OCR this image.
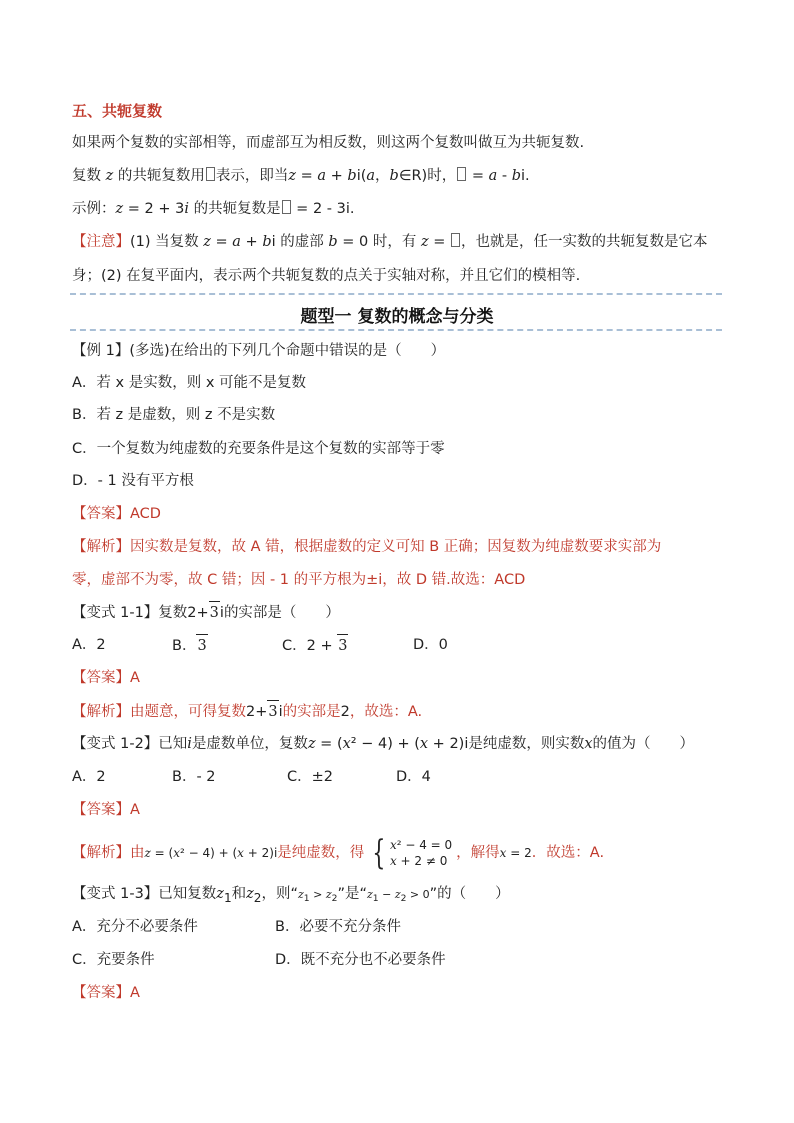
五、共轭复数
如果两个复数的实部相等，而虚部互为相反数，则这两个复数叫做互为共轭复数.
复数 z 的共轭复数用 表示，即当z = a + bi(a，b∈R)时， = a - bi.
示例：z = 2 + 3i 的共轭复数是 = 2 - 3i.
【注意】(1) 当复数 z = a + bi 的虚部 b = 0 时，有 z = ，也就是，任一实数的共轭复数是它本
身；(2) 在复平面内，表示两个共轭复数的点关于实轴对称，并且它们的模相等.
题型一 复数的概念与分类
【例 1】(多选)在给出的下列几个命题中错误的是（　　）
A．若 x 是实数，则 x 可能不是复数
B．若 z 是虚数，则 z 不是实数
C．一个复数为纯虚数的充要条件是这个复数的实部等于零
D．- 1 没有平方根
【答案】ACD
【解析】因实数是复数，故 A 错，根据虚数的定义可知 B 正确；因复数为纯虚数要求实部为
零，虚部不为零，故 C 错；因 - 1 的平方根为±i，故 D 错.故选：ACD
【变式 1-1】复数2+3i的实部是（　　）
A．2	B．3	C．2 + 3	D．0
【答案】A
【解析】由题意，可得复数2+3i的实部是2，故选：A.
【变式 1-2】已知i是虚数单位，复数z = (x² − 4) + (x + 2)i是纯虚数，则实数x的值为（　　）
A．2	B．- 2	C．±2	D．4
【答案】A
【解析】由z = (x² − 4) + (x + 2)i是纯虚数，得 { x² − 4 = 0
x + 2 ≠ 0 ，解得x = 2．故选：A.
【变式 1-3】已知复数$z_1$和$z_2$，则“$z_1 > z_2$”是“$z_1 - z_2 > 0$”的（　　）
A．充分不必要条件	B．必要不充分条件
C．充要条件	D．既不充分也不必要条件
【答案】A
